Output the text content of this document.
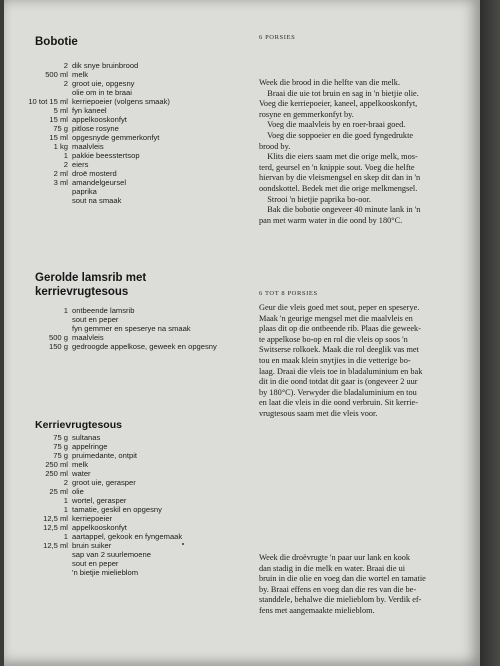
Bobotie	6 PORSIES
2 dik snye bruinbrood
500 ml melk
2 groot uie, opgesny
olie om in te braai
10 tot 15 ml kerriepoeier (volgens smaak)
5 ml fyn kaneel
15 ml appelkooskonfyt
75 g pitlose rosyne
15 ml opgesnyde gemmerkonfyt
1 kg maalvleis
1 pakkie beesstertsop
2 eiers
2 ml droë mosterd
3 ml amandelgeursel
paprika
sout na smaak
Week die brood in die helfte van die melk.
Braai die uie tot bruin en sag in 'n bietjie olie.
Voeg die kerriepoeier, kaneel, appelkooskonfyt,
rosyne en gemmerkonfyt by.
Voeg die maalvleis by en roer-braai goed.
Voeg die soppoeier en die goed fyngedrukte
brood by.
Klits die eiers saam met die orige melk, mos-
terd, geursel en 'n knippie sout. Voeg die helfte
hiervan by die vleismengsel en skep dit dan in 'n
oondskottel. Bedek met die orige melkmengsel.
Strooi 'n bietjie paprika bo-oor.
Bak die bobotie ongeveer 40 minute lank in 'n
pan met warm water in die oond by 180°C.
Gerolde lamsrib met
kerrievrugtesous	6 TOT 8 PORSIES
1 ontbeende lamsrib
sout en peper
fyn gemmer en speserye na smaak
500 g maalvleis
150 g gedroogde appelkose, geweek en opgesny
Geur die vleis goed met sout, peper en speserye.
Maak 'n geurige mengsel met die maalvleis en
plaas dit op die ontbeende rib. Plaas die geweek-
te appelkose bo-op en rol die vleis op soos 'n
Switserse rolkoek. Maak die rol deeglik vas met
tou en maak klein snytjies in die vetterige bo-
laag. Draai die vleis toe in bladaluminium en bak
dit in die oond totdat dit gaar is (ongeveer 2 uur
by 180°C). Verwyder die bladaluminium en tou
en laat die vleis in die oond verbruin. Sit kerrie-
vrugtesous saam met die vleis voor.
Kerrievrugtesous
75 g sultanas
75 g appelringe
75 g pruimedante, ontpit
250 ml melk
250 ml water
2 groot uie, gerasper
25 ml olie
1 wortel, gerasper
1 tamatie, geskil en opgesny
12,5 ml kerriepoeier
12,5 ml appelkooskonfyt
1 aartappel, gekook en fyngemaak
12,5 ml bruin suiker
sap van 2 suurlemoene
sout en peper
'n bietjie mielieblom
Week die droëvrugte 'n paar uur lank en kook
dan stadig in die melk en water. Braai die ui
bruin in die olie en voeg dan die wortel en tamatie
by. Braai effens en voeg dan die res van die be-
standdele, behalwe die mielieblom by. Verdik ef-
fens met aangemaakte mielieblom.
